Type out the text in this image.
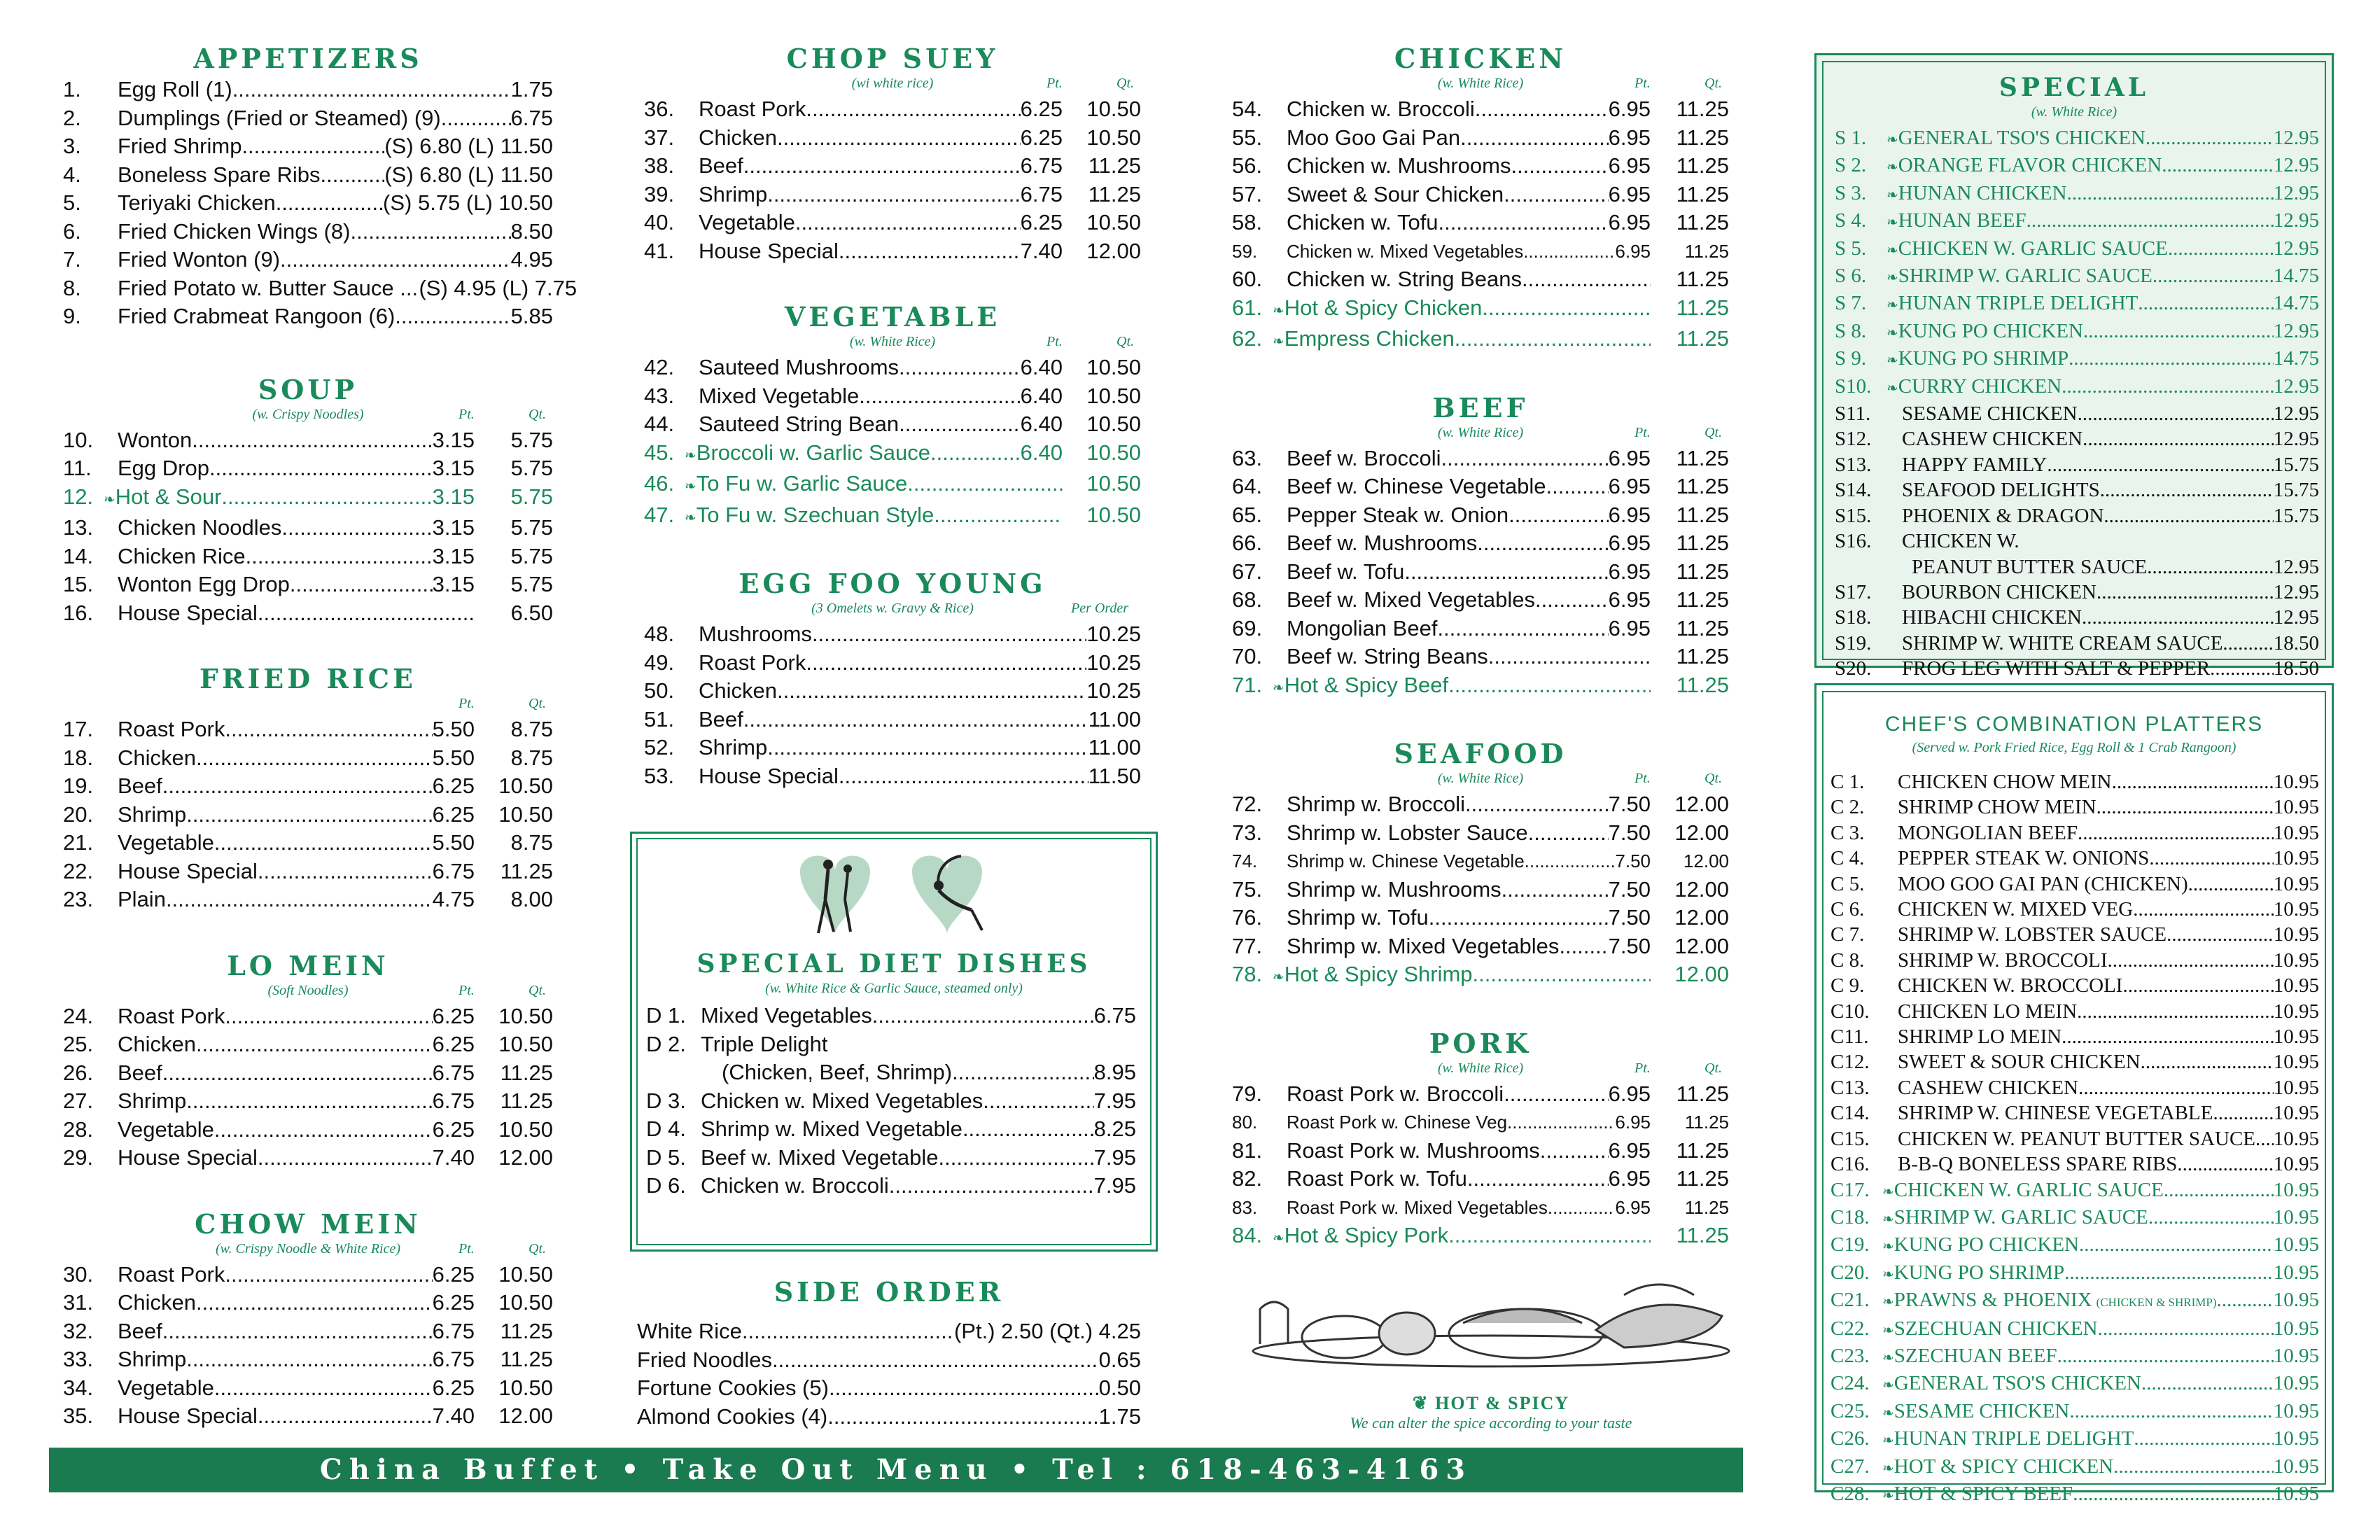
APPETIZERS
1.	Egg Roll (1) .....	1.75
2.	Dumplings (Fried or Steamed) (9) .....	6.75
3.	Fried Shrimp .....	(S) 6.80 (L) 11.50
4.	Boneless Spare Ribs .....	(S) 6.80 (L) 11.50
5.	Teriyaki Chicken .....	(S) 5.75 (L) 10.50
6.	Fried Chicken Wings (8) .....	8.50
7.	Fried Wonton (9) .....	4.95
8.	Fried Potato w. Butter Sauce .. ..... (S) 4.95 (L) 7.75
9.	Fried Crabmeat Rangoon (6) .....	5.85
SOUP
(w. Crispy Noodles)	Pt.	Qt.
10.	Wonton .....	3.15	5.75
11.	Egg Drop .....	3.15	5.75
12. ❧ Hot & Sour .....	3.15	5.75
13.	Chicken Noodles .....	3.15	5.75
14.	Chicken Rice .....	3.15	5.75
15.	Wonton Egg Drop .....	3.15	5.75
16.	House Special .....	6.50
FRIED RICE
Pt.	Qt.
17.	Roast Pork .....	5.50	8.75
18.	Chicken .....	5.50	8.75
19.	Beef .....	6.25	10.50
20.	Shrimp .....	6.25	10.50
21.	Vegetable .....	5.50	8.75
22.	House Special .....	6.75	11.25
23.	Plain .....	4.75	8.00
LO MEIN
(Soft Noodles)	Pt.	Qt.
24.	Roast Pork .....	6.25	10.50
25.	Chicken .....	6.25	10.50
26.	Beef .....	6.75	11.25
27.	Shrimp .....	6.75	11.25
28.	Vegetable .....	6.25	10.50
29.	House Special .....	7.40	12.00
CHOW MEIN
(w. Crispy Noodle & White Rice)	Pt.	Qt.
30.	Roast Pork .....	6.25	10.50
31.	Chicken .....	6.25	10.50
32.	Beef .....	6.75	11.25
33.	Shrimp .....	6.75	11.25
34.	Vegetable .....	6.25	10.50
35.	House Special .....	7.40	12.00
CHOP SUEY
(wi white rice)	Pt.	Qt.
36.	Roast Pork .....	6.25	10.50
37.	Chicken .....	6.25	10.50
38.	Beef .....	6.75	11.25
39.	Shrimp .....	6.75	11.25
40.	Vegetable .....	6.25	10.50
41.	House Special .....	7.40	12.00
VEGETABLE
(w. White Rice)	Pt.	Qt.
42.	Sauteed Mushrooms .....	6.40	10.50
43.	Mixed Vegetable .....	6.40	10.50
44.	Sauteed String Bean .....	6.40	10.50
45. ❧ Broccoli w. Garlic Sauce .....	6.40	10.50
46. ❧ To Fu w. Garlic Sauce .....	10.50
47. ❧ To Fu w. Szechuan Style .....	10.50
EGG FOO YOUNG
(3 Omelets w. Gravy & Rice)	Per Order
48.	Mushrooms .....	10.25
49.	Roast Pork .....	10.25
50.	Chicken .....	10.25
51.	Beef .....	11.00
52.	Shrimp .....	11.00
53.	House Special .....	11.50
SPECIAL DIET DISHES
(w. White Rice & Garlic Sauce, steamed only)
D 1. Mixed Vegetables .....	6.75
D 2. Triple Delight
(Chicken, Beef, Shrimp) .....	8.95
D 3. Chicken w. Mixed Vegetables .....	7.95
D 4. Shrimp w. Mixed Vegetable .....	8.25
D 5. Beef w. Mixed Vegetable .....	7.95
D 6. Chicken w. Broccoli .....	7.95
SIDE ORDER
White Rice .....	(Pt.) 2.50 (Qt.) 4.25
Fried Noodles .....	0.65
Fortune Cookies (5) .....	0.50
Almond Cookies (4) .....	1.75
CHICKEN
(w. White Rice)	Pt.	Qt.
54.	Chicken w. Broccoli .....	6.95	11.25
55.	Moo Goo Gai Pan .....	6.95	11.25
56.	Chicken w. Mushrooms .....	6.95	11.25
57.	Sweet & Sour Chicken .....	6.95	11.25
58.	Chicken w. Tofu .....	6.95	11.25
59.	Chicken w. Mixed Vegetables .....	6.95	11.25
60.	Chicken w. String Beans .....	11.25
61. ❧ Hot & Spicy Chicken .....	11.25
62. ❧ Empress Chicken .....	11.25
BEEF
(w. White Rice)	Pt.	Qt.
63.	Beef w. Broccoli .....	6.95	11.25
64.	Beef w. Chinese Vegetable .....	6.95	11.25
65.	Pepper Steak w. Onion .....	6.95	11.25
66.	Beef w. Mushrooms .....	6.95	11.25
67.	Beef w. Tofu .....	6.95	11.25
68.	Beef w. Mixed Vegetables .....	6.95	11.25
69.	Mongolian Beef .....	6.95	11.25
70.	Beef w. String Beans .....	11.25
71. ❧ Hot & Spicy Beef .....	11.25
SEAFOOD
(w. White Rice)	Pt.	Qt.
72.	Shrimp w. Broccoli .....	7.50	12.00
73.	Shrimp w. Lobster Sauce .....	7.50	12.00
74.	Shrimp w. Chinese Vegetable .....	7.50	12.00
75.	Shrimp w. Mushrooms .....	7.50	12.00
76.	Shrimp w. Tofu .....	7.50	12.00
77.	Shrimp w. Mixed Vegetables ..... 7.50	12.00
78. ❧ Hot & Spicy Shrimp .....	12.00
PORK
(w. White Rice)	Pt.	Qt.
79.	Roast Pork w. Broccoli .....	6.95	11.25
80.	Roast Pork w. Chinese Veg. .....	6.95	11.25
81.	Roast Pork w. Mushrooms .....	6.95	11.25
82.	Roast Pork w. Tofu .....	6.95	11.25
83.	Roast Pork w. Mixed Vegetables .....	6.95	11.25
84. ❧ Hot & Spicy Pork .....	11.25
❦ HOT & SPICY
We can alter the spice according to your taste
SPECIAL
(w. White Rice)
S 1.	❧ GENERAL TSO'S CHICKEN .....	12.95
S 2.	❧ ORANGE FLAVOR CHICKEN .....	12.95
S 3.	❧ HUNAN CHICKEN .....	12.95
S 4.	❧ HUNAN BEEF .....	12.95
S 5.	❧ CHICKEN W. GARLIC SAUCE .....	12.95
S 6.	❧ SHRIMP W. GARLIC SAUCE .....	14.75
S 7.	❧ HUNAN TRIPLE DELIGHT .....	14.75
S 8.	❧ KUNG PO CHICKEN .....	12.95
S 9.	❧ KUNG PO SHRIMP .....	14.75
S10.	❧ CURRY CHICKEN .....	12.95
S11.	SESAME CHICKEN .....	12.95
S12.	CASHEW CHICKEN .....	12.95
S13.	HAPPY FAMILY .....	15.75
S14.	SEAFOOD DELIGHTS .....	15.75
S15.	PHOENIX & DRAGON .....	15.75
S16.	CHICKEN W.
PEANUT BUTTER SAUCE .....	12.95
S17.	BOURBON CHICKEN .....	12.95
S18.	HIBACHI CHICKEN .....	12.95
S19.	SHRIMP W. WHITE CREAM SAUCE ..... 18.50
S20.	FROG LEG WITH SALT & PEPPER .....	18.50
CHEF'S COMBINATION PLATTERS
(Served w. Pork Fried Rice, Egg Roll & 1 Crab Rangoon)
C 1.	CHICKEN CHOW MEIN .....	10.95
C 2.	SHRIMP CHOW MEIN .....	10.95
C 3.	MONGOLIAN BEEF .....	10.95
C 4.	PEPPER STEAK W. ONIONS .....	10.95
C 5.	MOO GOO GAI PAN (CHICKEN) .....	10.95
C 6.	CHICKEN W. MIXED VEG. .....	10.95
C 7.	SHRIMP W. LOBSTER SAUCE .....	10.95
C 8.	SHRIMP W. BROCCOLI .....	10.95
C 9.	CHICKEN W. BROCCOLI .....	10.95
C10.	CHICKEN LO MEIN .....	10.95
C11.	SHRIMP LO MEIN .....	10.95
C12.	SWEET & SOUR CHICKEN .....	10.95
C13.	CASHEW CHICKEN .....	10.95
C14.	SHRIMP W. CHINESE VEGETABLE .....	10.95
C15.	CHICKEN W. PEANUT BUTTER SAUCE ..... 10.95
C16.	B-B-Q BONELESS SPARE RIBS .....	10.95
C17. ❧ CHICKEN W. GARLIC SAUCE .....	10.95
C18. ❧ SHRIMP W. GARLIC SAUCE .....	10.95
C19. ❧ KUNG PO CHICKEN .....	10.95
C20. ❧ KUNG PO SHRIMP .....	10.95
C21. ❧ PRAWNS & PHOENIX (CHICKEN & SHRIMP) .....	10.95
C22. ❧ SZECHUAN CHICKEN .....	10.95
C23. ❧ SZECHUAN BEEF .....	10.95
C24. ❧ GENERAL TSO'S CHICKEN .....	10.95
C25. ❧ SESAME CHICKEN .....	10.95
C26. ❧ HUNAN TRIPLE DELIGHT .....	10.95
C27. ❧ HOT & SPICY CHICKEN .....	10.95
C28. ❧ HOT & SPICY BEEF .....	10.95
China Buffet • Take Out Menu • Tel : 618-463-4163
